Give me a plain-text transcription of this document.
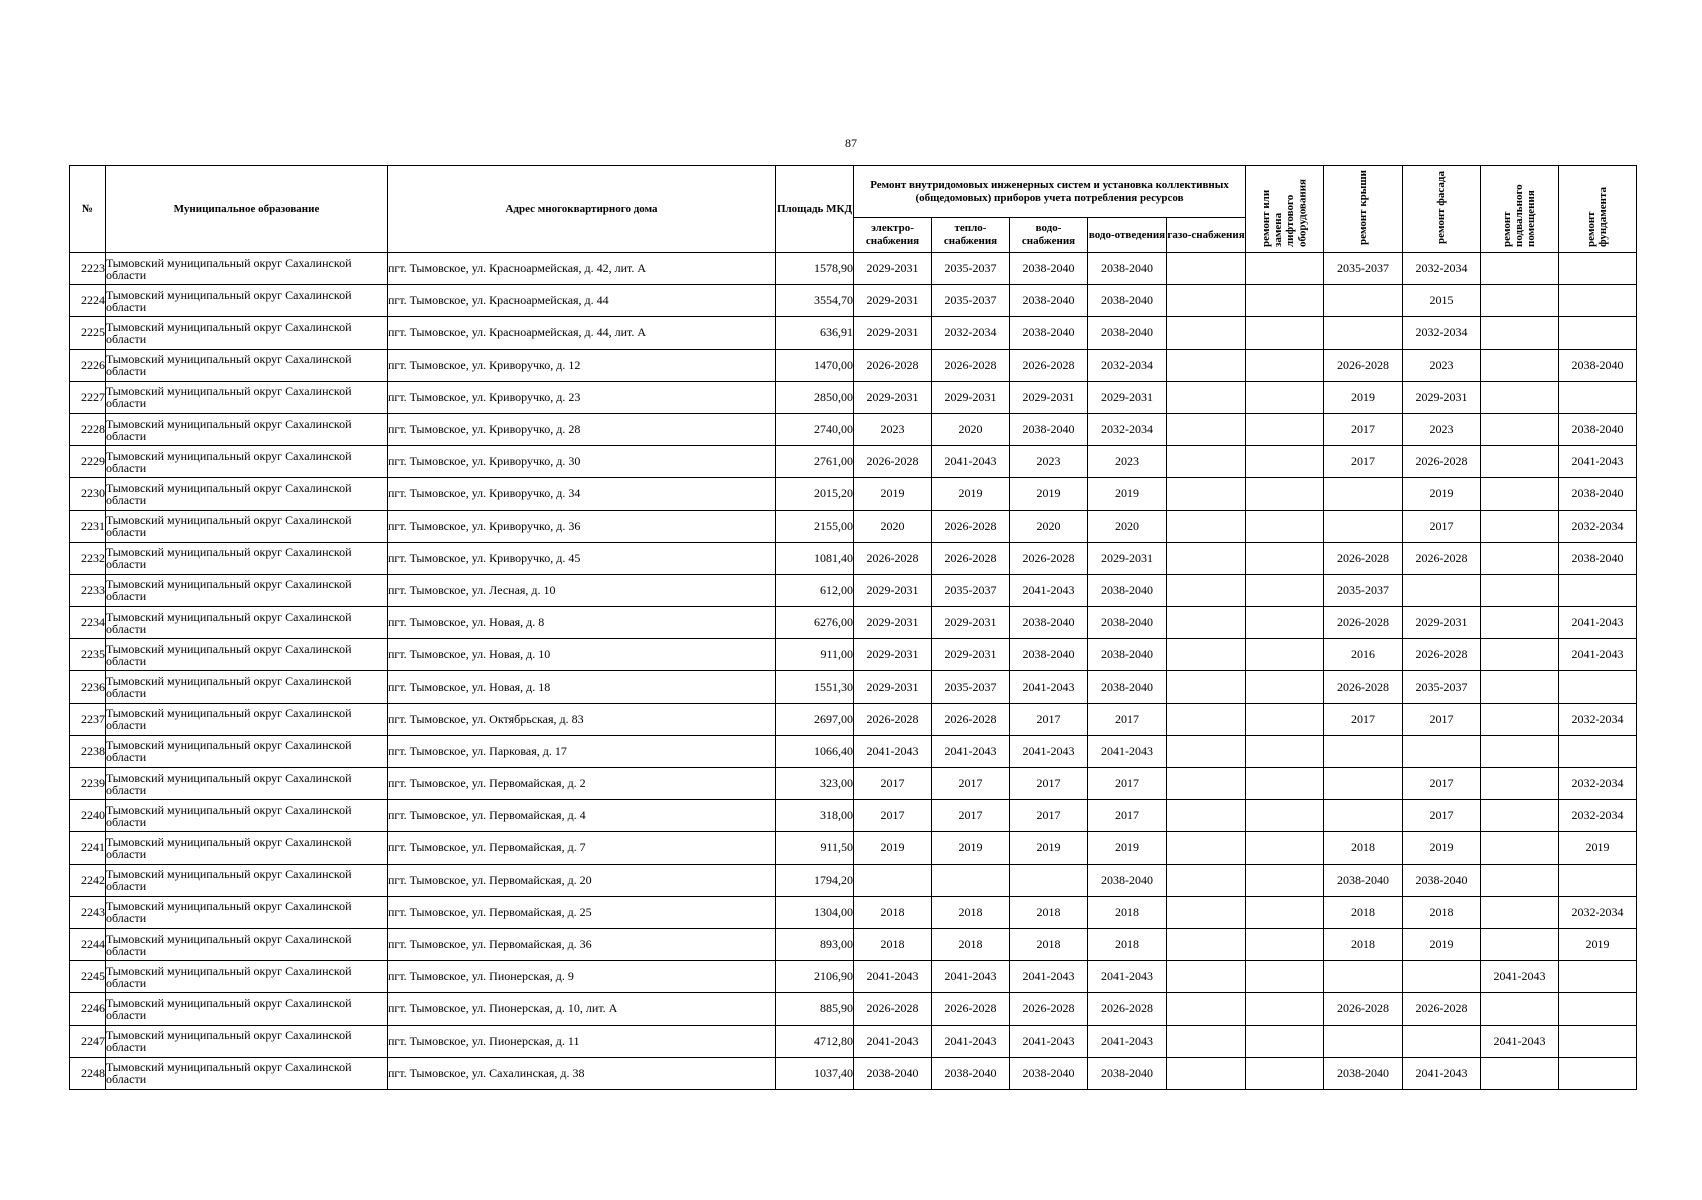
87
№	Муниципальное образование	Адрес многоквартирного дома	Площадь МКД	Ремонт внутридомовых инженерных систем и установка коллективных (общедомовых) приборов учета потребления ресурсов					ремонт или замена лифтового оборудования	ремонт крыши	ремонт фасада	ремонт подвального помещения	ремонт фундамента
				электро-снабжения	тепло-снабжения	водо-снабжения	водо-отведения	газо-снабжения					
2223	Тымовский муниципальный округ Сахалинской области	пгт. Тымовское, ул. Красноармейская, д. 42, лит. А	1578,90	2029-2031	2035-2037	2038-2040	2038-2040			2035-2037	2032-2034		
2224	Тымовский муниципальный округ Сахалинской области	пгт. Тымовское, ул. Красноармейская, д. 44	3554,70	2029-2031	2035-2037	2038-2040	2038-2040				2015		
2225	Тымовский муниципальный округ Сахалинской области	пгт. Тымовское, ул. Красноармейская, д. 44, лит. А	636,91	2029-2031	2032-2034	2038-2040	2038-2040				2032-2034		
2226	Тымовский муниципальный округ Сахалинской области	пгт. Тымовское, ул. Криворучко, д. 12	1470,00	2026-2028	2026-2028	2026-2028	2032-2034			2026-2028	2023		2038-2040
2227	Тымовский муниципальный округ Сахалинской области	пгт. Тымовское, ул. Криворучко, д. 23	2850,00	2029-2031	2029-2031	2029-2031	2029-2031			2019	2029-2031		
2228	Тымовский муниципальный округ Сахалинской области	пгт. Тымовское, ул. Криворучко, д. 28	2740,00	2023	2020	2038-2040	2032-2034			2017	2023		2038-2040
2229	Тымовский муниципальный округ Сахалинской области	пгт. Тымовское, ул. Криворучко, д. 30	2761,00	2026-2028	2041-2043	2023	2023			2017	2026-2028		2041-2043
2230	Тымовский муниципальный округ Сахалинской области	пгт. Тымовское, ул. Криворучко, д. 34	2015,20	2019	2019	2019	2019				2019		2038-2040
2231	Тымовский муниципальный округ Сахалинской области	пгт. Тымовское, ул. Криворучко, д. 36	2155,00	2020	2026-2028	2020	2020				2017		2032-2034
2232	Тымовский муниципальный округ Сахалинской области	пгт. Тымовское, ул. Криворучко, д. 45	1081,40	2026-2028	2026-2028	2026-2028	2029-2031			2026-2028	2026-2028		2038-2040
2233	Тымовский муниципальный округ Сахалинской области	пгт. Тымовское, ул. Лесная, д. 10	612,00	2029-2031	2035-2037	2041-2043	2038-2040			2035-2037			
2234	Тымовский муниципальный округ Сахалинской области	пгт. Тымовское, ул. Новая, д. 8	6276,00	2029-2031	2029-2031	2038-2040	2038-2040			2026-2028	2029-2031		2041-2043
2235	Тымовский муниципальный округ Сахалинской области	пгт. Тымовское, ул. Новая, д. 10	911,00	2029-2031	2029-2031	2038-2040	2038-2040			2016	2026-2028		2041-2043
2236	Тымовский муниципальный округ Сахалинской области	пгт. Тымовское, ул. Новая, д. 18	1551,30	2029-2031	2035-2037	2041-2043	2038-2040			2026-2028	2035-2037		
2237	Тымовский муниципальный округ Сахалинской области	пгт. Тымовское, ул. Октябрьская, д. 83	2697,00	2026-2028	2026-2028	2017	2017			2017	2017		2032-2034
2238	Тымовский муниципальный округ Сахалинской области	пгт. Тымовское, ул. Парковая, д. 17	1066,40	2041-2043	2041-2043	2041-2043	2041-2043						
2239	Тымовский муниципальный округ Сахалинской области	пгт. Тымовское, ул. Первомайская, д. 2	323,00	2017	2017	2017	2017				2017		2032-2034
2240	Тымовский муниципальный округ Сахалинской области	пгт. Тымовское, ул. Первомайская, д. 4	318,00	2017	2017	2017	2017				2017		2032-2034
2241	Тымовский муниципальный округ Сахалинской области	пгт. Тымовское, ул. Первомайская, д. 7	911,50	2019	2019	2019	2019			2018	2019		2019
2242	Тымовский муниципальный округ Сахалинской области	пгт. Тымовское, ул. Первомайская, д. 20	1794,20				2038-2040			2038-2040	2038-2040		
2243	Тымовский муниципальный округ Сахалинской области	пгт. Тымовское, ул. Первомайская, д. 25	1304,00	2018	2018	2018	2018			2018	2018		2032-2034
2244	Тымовский муниципальный округ Сахалинской области	пгт. Тымовское, ул. Первомайская, д. 36	893,00	2018	2018	2018	2018			2018	2019		2019
2245	Тымовский муниципальный округ Сахалинской области	пгт. Тымовское, ул. Пионерская, д. 9	2106,90	2041-2043	2041-2043	2041-2043	2041-2043					2041-2043	
2246	Тымовский муниципальный округ Сахалинской области	пгт. Тымовское, ул. Пионерская, д. 10, лит. А	885,90	2026-2028	2026-2028	2026-2028	2026-2028			2026-2028	2026-2028		
2247	Тымовский муниципальный округ Сахалинской области	пгт. Тымовское, ул. Пионерская, д. 11	4712,80	2041-2043	2041-2043	2041-2043	2041-2043					2041-2043	
2248	Тымовский муниципальный округ Сахалинской области	пгт. Тымовское, ул. Сахалинская, д. 38	1037,40	2038-2040	2038-2040	2038-2040	2038-2040			2038-2040	2041-2043		
